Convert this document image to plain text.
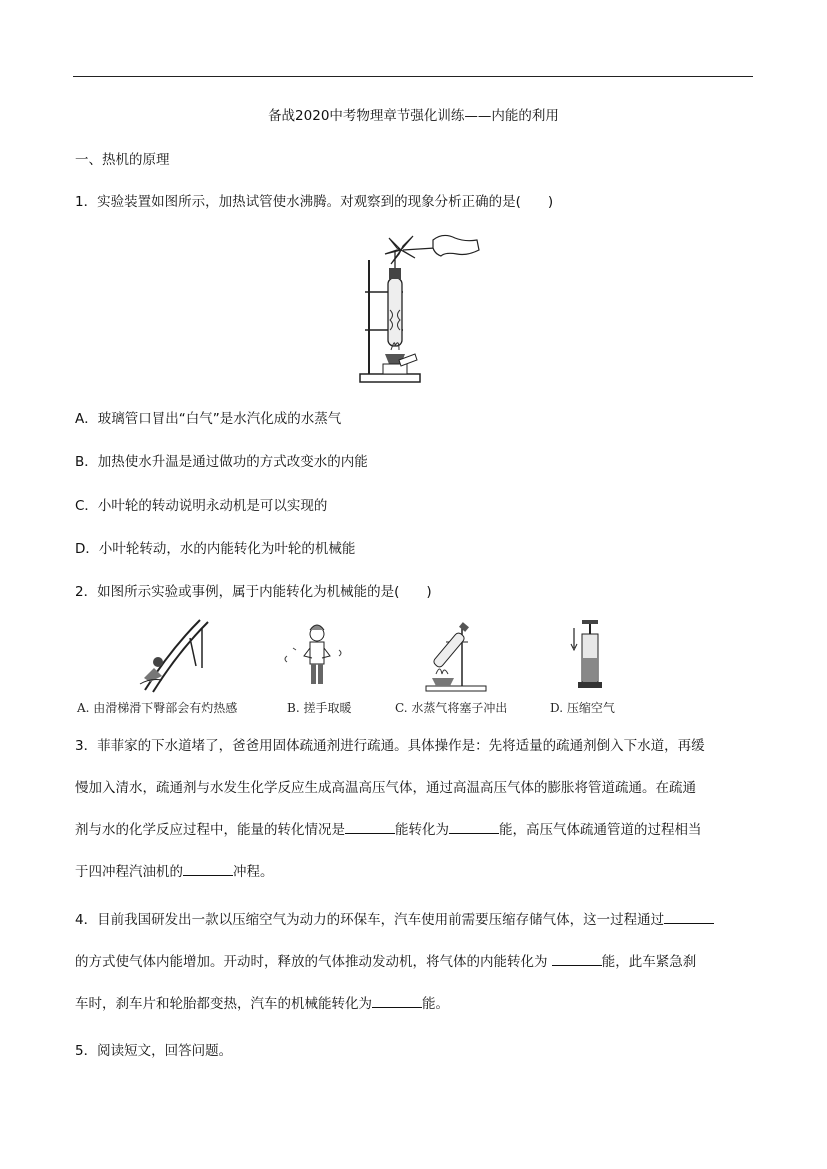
备战2020中考物理章节强化训练——内能的利用
一、热机的原理
1．实验装置如图所示，加热试管使水沸腾。对观察到的现象分析正确的是(　　)
A．玻璃管口冒出“白气”是水汽化成的水蒸气
B．加热使水升温是通过做功的方式改变水的内能
C．小叶轮的转动说明永动机是可以实现的
D．小叶轮转动，水的内能转化为叶轮的机械能
2．如图所示实验或事例，属于内能转化为机械能的是(　　)
A. 由滑梯滑下臀部会有灼热感	B. 搓手取暖	C. 水蒸气将塞子冲出	D. 压缩空气
3．菲菲家的下水道堵了，爸爸用固体疏通剂进行疏通。具体操作是：先将适量的疏通剂倒入下水道，再缓
慢加入清水，疏通剂与水发生化学反应生成高温高压气体，通过高温高压气体的膨胀将管道疏通。在疏通
剂与水的化学反应过程中，能量的转化情况是	能转化为	能，高压气体疏通管道的过程相当
于四冲程汽油机的	冲程。
4．目前我国研发出一款以压缩空气为动力的环保车，汽车使用前需要压缩存储气体，这一过程通过
的方式使气体内能增加。开动时，释放的气体推动发动机，将气体的内能转化为	能，此车紧急刹
车时，刹车片和轮胎都变热，汽车的机械能转化为	能。
5．阅读短文，回答问题。
